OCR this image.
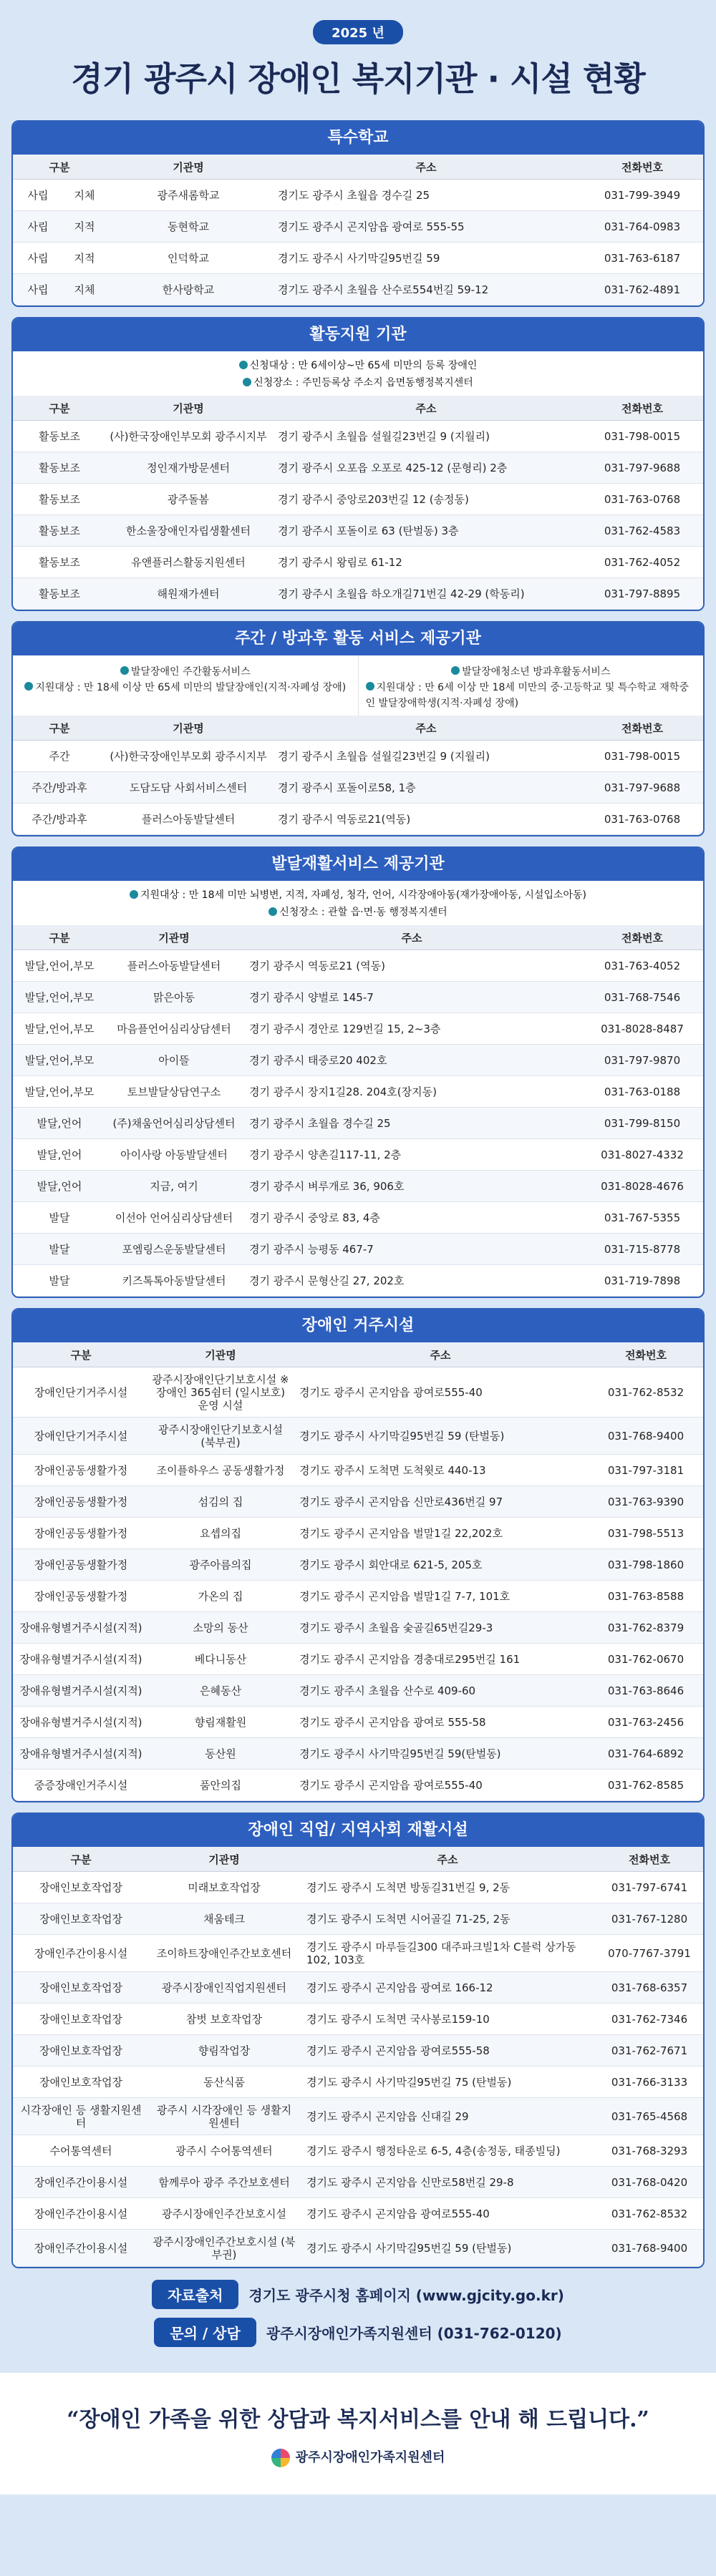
2025 년
경기 광주시 장애인 복지기관 · 시설 현황
특수학교
구분		기관명	주소	전화번호
사립	지체	광주새롬학교	경기도 광주시 초월읍 경수길 25	031-799-3949
사립	지적	동현학교	경기도 광주시 곤지암읍 광여로 555-55	031-764-0983
사립	지적	인덕학교	경기도 광주시 사기막길95번길 59	031-763-6187
사립	지체	한사랑학교	경기도 광주시 초월읍 산수로554번길 59-12	031-762-4891
활동지원 기관
신청대상 : 만 6세이상~만 65세 미만의 등록 장애인
신청장소 : 주민등록상 주소지 읍면동행정복지센터
구분	기관명	주소	전화번호
활동보조	(사)한국장애인부모회 광주시지부	경기 광주시 초월읍 설월길23번길 9 (지월리)	031-798-0015
활동보조	정인재가방문센터	경기 광주시 오포읍 오포로 425-12 (문형리) 2층	031-797-9688
활동보조	광주돌봄	경기 광주시 중앙로203번길 12 (송정동)	031-763-0768
활동보조	한소울장애인자립생활센터	경기 광주시 포돌이로 63 (탄벌동) 3층	031-762-4583
활동보조	유앤플러스활동지원센터	경기 광주시 왕림로 61-12	031-762-4052
활동보조	해원재가센터	경기 광주시 초월읍 하오개길71번길 42-29 (학동리)	031-797-8895
주간 / 방과후 활동 서비스 제공기관
발달장애인 주간활동서비스
지원대상 : 만 18세 이상 만 65세 미만의 발달장애인(지적·자폐성 장애)
발달장애청소년 방과후활동서비스
지원대상 : 만 6세 이상 만 18세 미만의 중·고등학교 및 특수학교 재학중인 발달장애학생(지적·자폐성 장애)
구분	기관명	주소	전화번호
주간	(사)한국장애인부모회 광주시지부	경기 광주시 초월읍 설월길23번길 9 (지월리)	031-798-0015
주간/방과후	도담도담 사회서비스센터	경기 광주시 포돌이로58, 1층	031-797-9688
주간/방과후	플러스아동발달센터	경기 광주시 역동로21(역동)	031-763-0768
발달재활서비스 제공기관
지원대상 : 만 18세 미만 뇌병변, 지적, 자폐성, 청각, 언어, 시각장애아동(재가장애아동, 시설입소아동)
신청장소 : 관할 읍·면·동 행정복지센터
구분	기관명	주소	전화번호
발달,언어,부모	플러스아동발달센터	경기 광주시 역동로21 (역동)	031-763-4052
발달,언어,부모	맑은아동	경기 광주시 양벌로 145-7	031-768-7546
발달,언어,부모	마음플언어심리상담센터	경기 광주시 경안로 129번길 15, 2~3층	031-8028-8487
발달,언어,부모	아이뜰	경기 광주시 태중로20 402호	031-797-9870
발달,언어,부모	토브발달상담연구소	경기 광주시 장지1길28. 204호(장지동)	031-763-0188
발달,언어	(주)채움언어심리상담센터	경기 광주시 초월읍 경수길 25	031-799-8150
발달,언어	아이사랑 아동발달센터	경기 광주시 양촌길117-11, 2층	031-8027-4332
발달,언어	지금, 여기	경기 광주시 벼루개로 36, 906호	031-8028-4676
발달	이선아 언어심리상담센터	경기 광주시 중앙로 83, 4층	031-767-5355
발달	포엠링스운동발달센터	경기 광주시 능평동 467-7	031-715-8778
발달	키즈톡톡아동발달센터	경기 광주시 문형산길 27, 202호	031-719-7898
장애인 거주시설
구분	기관명	주소	전화번호
장애인단기거주시설	광주시장애인단기보호시설 ※ 장애인 365쉼터 (일시보호) 운영 시설	경기도 광주시 곤지암읍 광여로555-40	031-762-8532
장애인단기거주시설	광주시장애인단기보호시설 (북부권)	경기도 광주시 사기막길95번길 59 (탄벌동)	031-768-9400
장애인공동생활가정	조이플하우스 공동생활가정	경기도 광주시 도척면 도척윗로 440-13	031-797-3181
장애인공동생활가정	섬김의 집	경기도 광주시 곤지암읍 신만로436번길 97	031-763-9390
장애인공동생활가정	요셉의집	경기도 광주시 곤지암읍 벌말1길 22,202호	031-798-5513
장애인공동생활가정	광주아름의집	경기도 광주시 회안대로 621-5, 205호	031-798-1860
장애인공동생활가정	가온의 집	경기도 광주시 곤지암읍 벌말1길 7-7, 101호	031-763-8588
장애유형별거주시설(지적)	소망의 동산	경기도 광주시 초월읍 숯골길65번길29-3	031-762-8379
장애유형별거주시설(지적)	베다니동산	경기도 광주시 곤지암읍 경충대로295번길 161	031-762-0670
장애유형별거주시설(지적)	은혜동산	경기도 광주시 초월읍 산수로 409-60	031-763-8646
장애유형별거주시설(지적)	향림재활원	경기도 광주시 곤지암읍 광여로 555-58	031-763-2456
장애유형별거주시설(지적)	동산원	경기도 광주시 사기막길95번길 59(탄벌동)	031-764-6892
중증장애인거주시설	품안의집	경기도 광주시 곤지암읍 광여로555-40	031-762-8585
장애인 직업/ 지역사회 재활시설
구분	기관명	주소	전화번호
장애인보호작업장	미래보호작업장	경기도 광주시 도척면 방동길31번길 9, 2동	031-797-6741
장애인보호작업장	채움테크	경기도 광주시 도척면 시어골길 71-25, 2동	031-767-1280
장애인주간이용시설	조이하트장애인주간보호센터	경기도 광주시 마루들길300 대주파크빌1차 C블럭 상가동 102, 103호	070-7767-3791
장애인보호작업장	광주시장애인직업지원센터	경기도 광주시 곤지암읍 광여로 166-12	031-768-6357
장애인보호작업장	참벗 보호작업장	경기도 광주시 도척면 국사봉로159-10	031-762-7346
장애인보호작업장	향림작업장	경기도 광주시 곤지암읍 광여로555-58	031-762-7671
장애인보호작업장	동산식품	경기도 광주시 사기막길95번길 75 (탄벌동)	031-766-3133
시각장애인 등 생활지원센터	광주시 시각장애인 등 생활지원센터	경기도 광주시 곤지암읍 신대길 29	031-765-4568
수어통역센터	광주시 수어통역센터	경기도 광주시 행정타운로 6-5, 4층(송정동, 태종빌딩)	031-768-3293
장애인주간이용시설	함께루아 광주 주간보호센터	경기도 광주시 곤지암읍 신만로58번길 29-8	031-768-0420
장애인주간이용시설	광주시장애인주간보호시설	경기도 광주시 곤지암읍 광여로555-40	031-762-8532
장애인주간이용시설	광주시장애인주간보호시설 (북부권)	경기도 광주시 사기막길95번길 59 (탄벌동)	031-768-9400
자료출처	경기도 광주시청 홈페이지 (www.gjcity.go.kr)
문의 / 상담	광주시장애인가족지원센터 (031-762-0120)
“장애인 가족을 위한 상담과 복지서비스를 안내 해 드립니다.”
광주시장애인가족지원센터
